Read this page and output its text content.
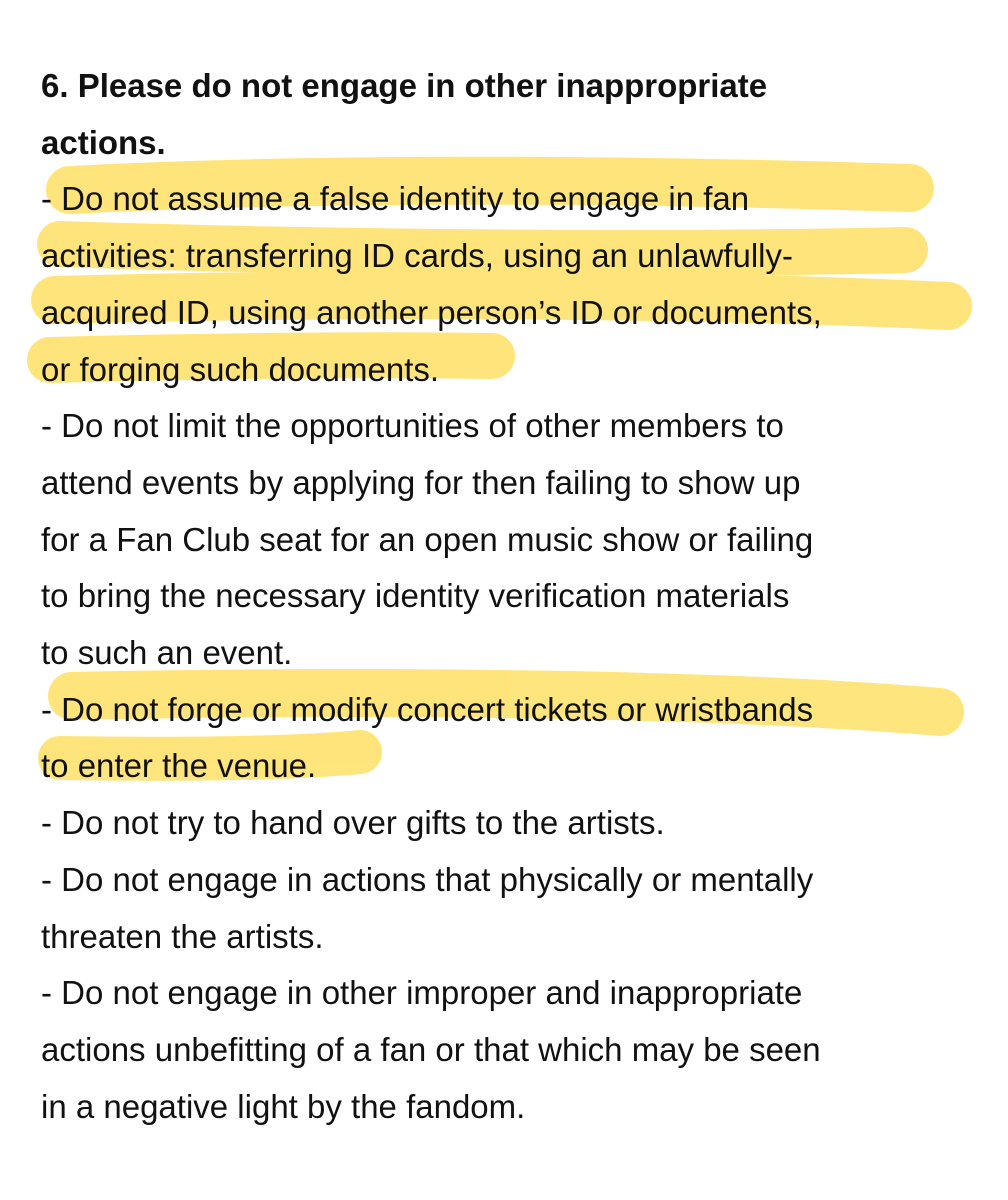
6. Please do not engage in other inappropriate
actions.
- Do not assume a false identity to engage in fan
activities: transferring ID cards, using an unlawfully-
acquired ID, using another person’s ID or documents,
or forging such documents.
- Do not limit the opportunities of other members to
attend events by applying for then failing to show up
for a Fan Club seat for an open music show or failing
to bring the necessary identity verification materials
to such an event.
- Do not forge or modify concert tickets or wristbands
to enter the venue.
- Do not try to hand over gifts to the artists.
- Do not engage in actions that physically or mentally
threaten the artists.
- Do not engage in other improper and inappropriate
actions unbefitting of a fan or that which may be seen
in a negative light by the fandom.
